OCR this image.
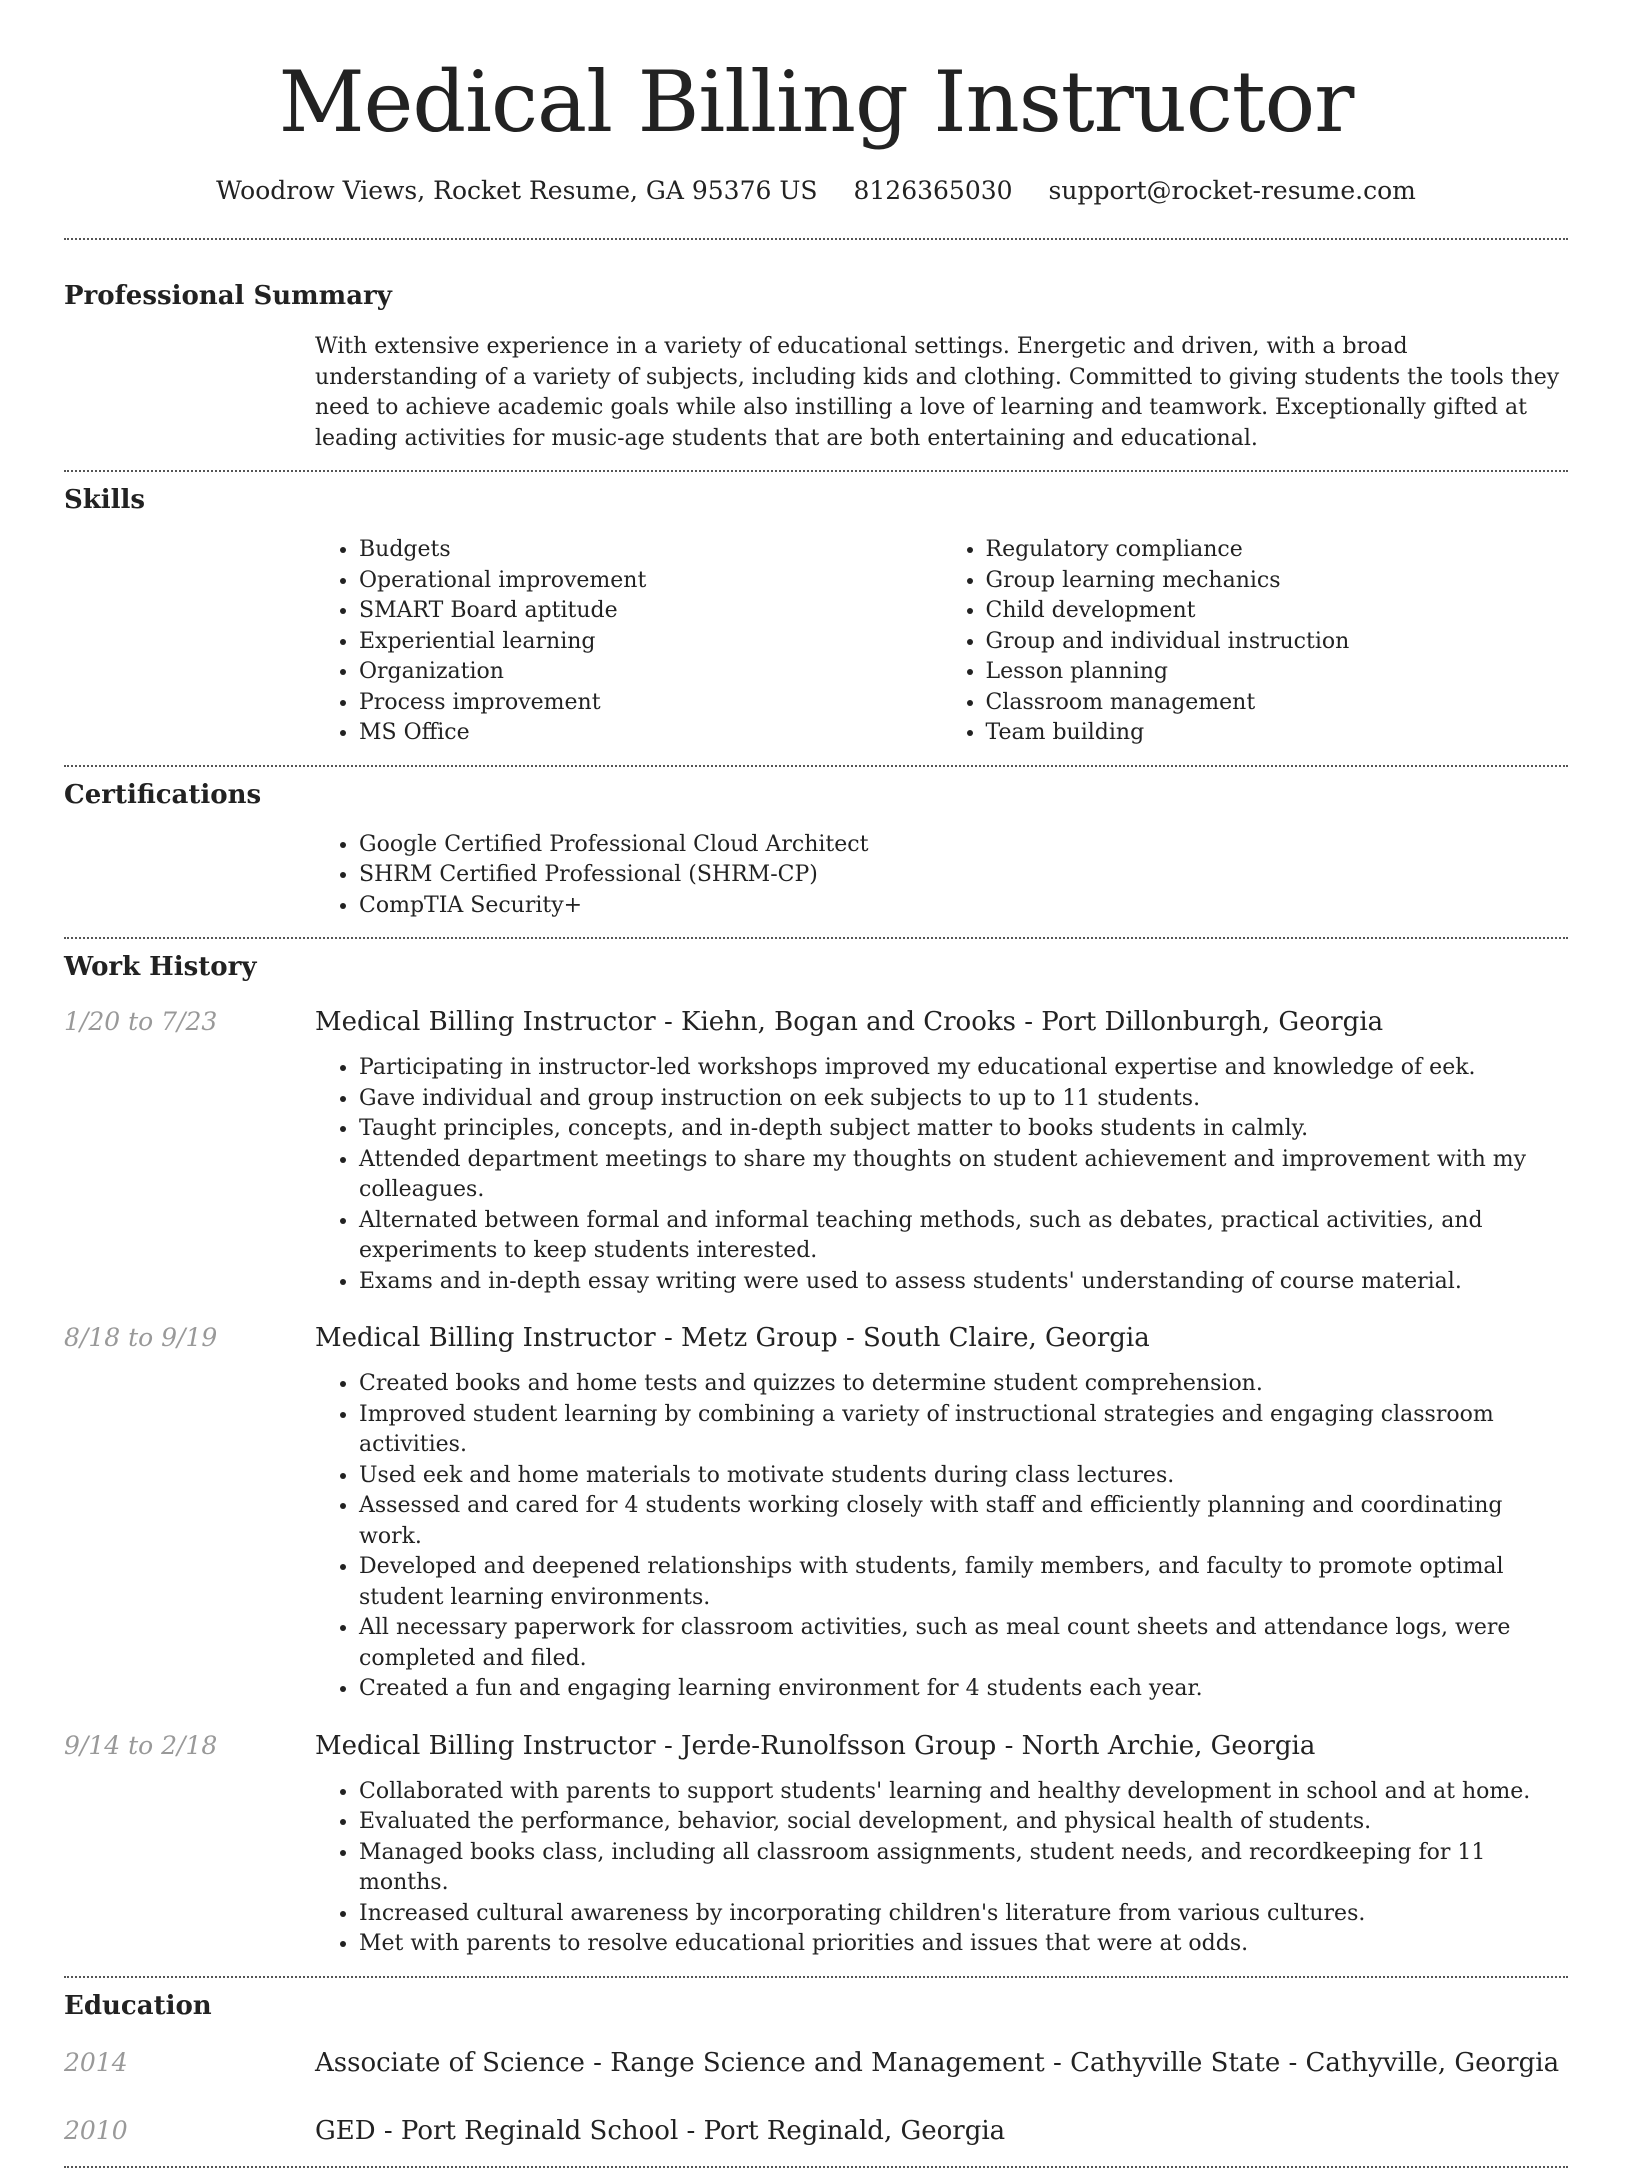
Medical Billing Instructor
Woodrow Views, Rocket Resume, GA 95376 US 8126365030 support@rocket-resume.com
Professional Summary
With extensive experience in a variety of educational settings. Energetic and driven, with a broad understanding of a variety of subjects, including kids and clothing. Committed to giving students the tools they need to achieve academic goals while also instilling a love of learning and teamwork. Exceptionally gifted at leading activities for music-age students that are both entertaining and educational.
Skills
• Budgets
• Operational improvement
• SMART Board aptitude
• Experiential learning
• Organization
• Process improvement
• MS Office
• Regulatory compliance
• Group learning mechanics
• Child development
• Group and individual instruction
• Lesson planning
• Classroom management
• Team building
Certifications
• Google Certified Professional Cloud Architect
• SHRM Certified Professional (SHRM-CP)
• CompTIA Security+
Work History
1/20 to 7/23	Medical Billing Instructor - Kiehn, Bogan and Crooks - Port Dillonburgh, Georgia
• Participating in instructor-led workshops improved my educational expertise and knowledge of eek.
• Gave individual and group instruction on eek subjects to up to 11 students.
• Taught principles, concepts, and in-depth subject matter to books students in calmly.
• Attended department meetings to share my thoughts on student achievement and improvement with my colleagues.
• Alternated between formal and informal teaching methods, such as debates, practical activities, and experiments to keep students interested.
• Exams and in-depth essay writing were used to assess students' understanding of course material.
8/18 to 9/19	Medical Billing Instructor - Metz Group - South Claire, Georgia
• Created books and home tests and quizzes to determine student comprehension.
• Improved student learning by combining a variety of instructional strategies and engaging classroom activities.
• Used eek and home materials to motivate students during class lectures.
• Assessed and cared for 4 students working closely with staff and efficiently planning and coordinating work.
• Developed and deepened relationships with students, family members, and faculty to promote optimal student learning environments.
• All necessary paperwork for classroom activities, such as meal count sheets and attendance logs, were completed and filed.
• Created a fun and engaging learning environment for 4 students each year.
9/14 to 2/18	Medical Billing Instructor - Jerde-Runolfsson Group - North Archie, Georgia
• Collaborated with parents to support students' learning and healthy development in school and at home.
• Evaluated the performance, behavior, social development, and physical health of students.
• Managed books class, including all classroom assignments, student needs, and recordkeeping for 11 months.
• Increased cultural awareness by incorporating children's literature from various cultures.
• Met with parents to resolve educational priorities and issues that were at odds.
Education
2014	Associate of Science - Range Science and Management - Cathyville State - Cathyville, Georgia
2010	GED - Port Reginald School - Port Reginald, Georgia
